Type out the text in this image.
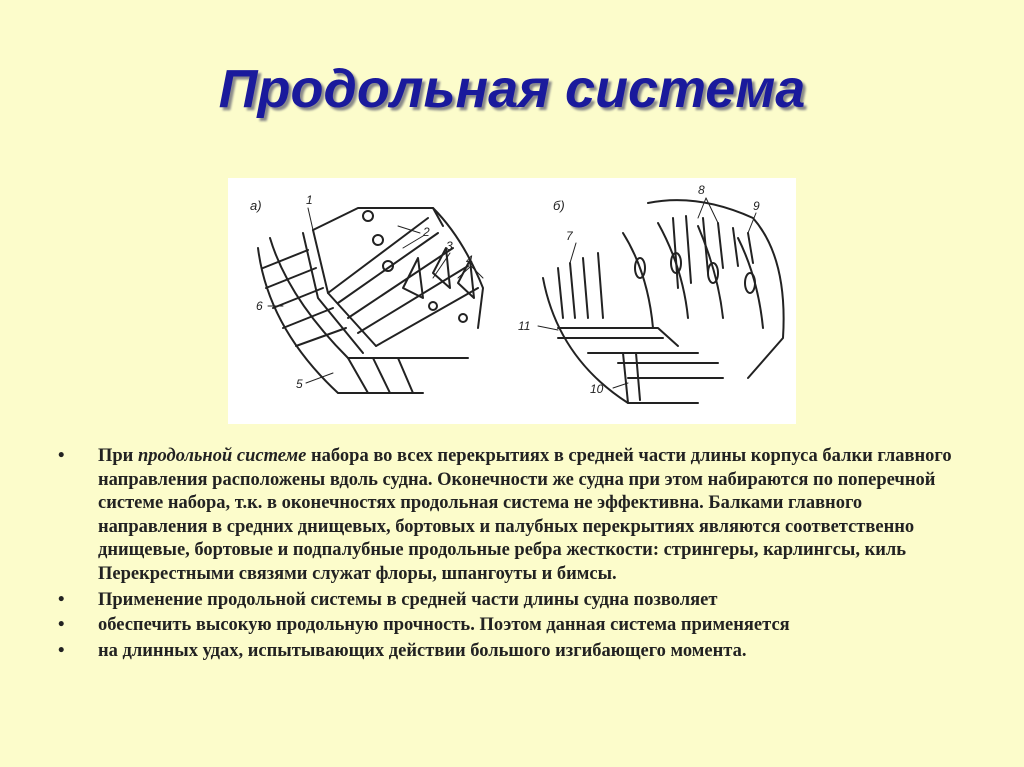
Продольная система
а)	б)
1
2
3
4
5
6
7
8
9
10
11
• При продольной системе набора во всех перекрытиях в средней части длины корпуса балки главного направления расположены вдоль судна. Оконечности же судна при этом набираются по поперечной системе набора, т.к. в оконечностях продольная система не эффективна. Балками главного направления в средних днищевых, бортовых и палубных перекрытиях являются соответственно днищевые, бортовые и подпалубные продольные ребра жесткости: стрингеры, карлингсы, киль Перекрестными связями служат флоры, шпангоуты и бимсы.
• Применение продольной системы в средней части длины судна позволяет
• обеспечить высокую продольную прочность. Поэтом данная система применяется
• на длинных удах, испытывающих действии большого изгибающего момента.
